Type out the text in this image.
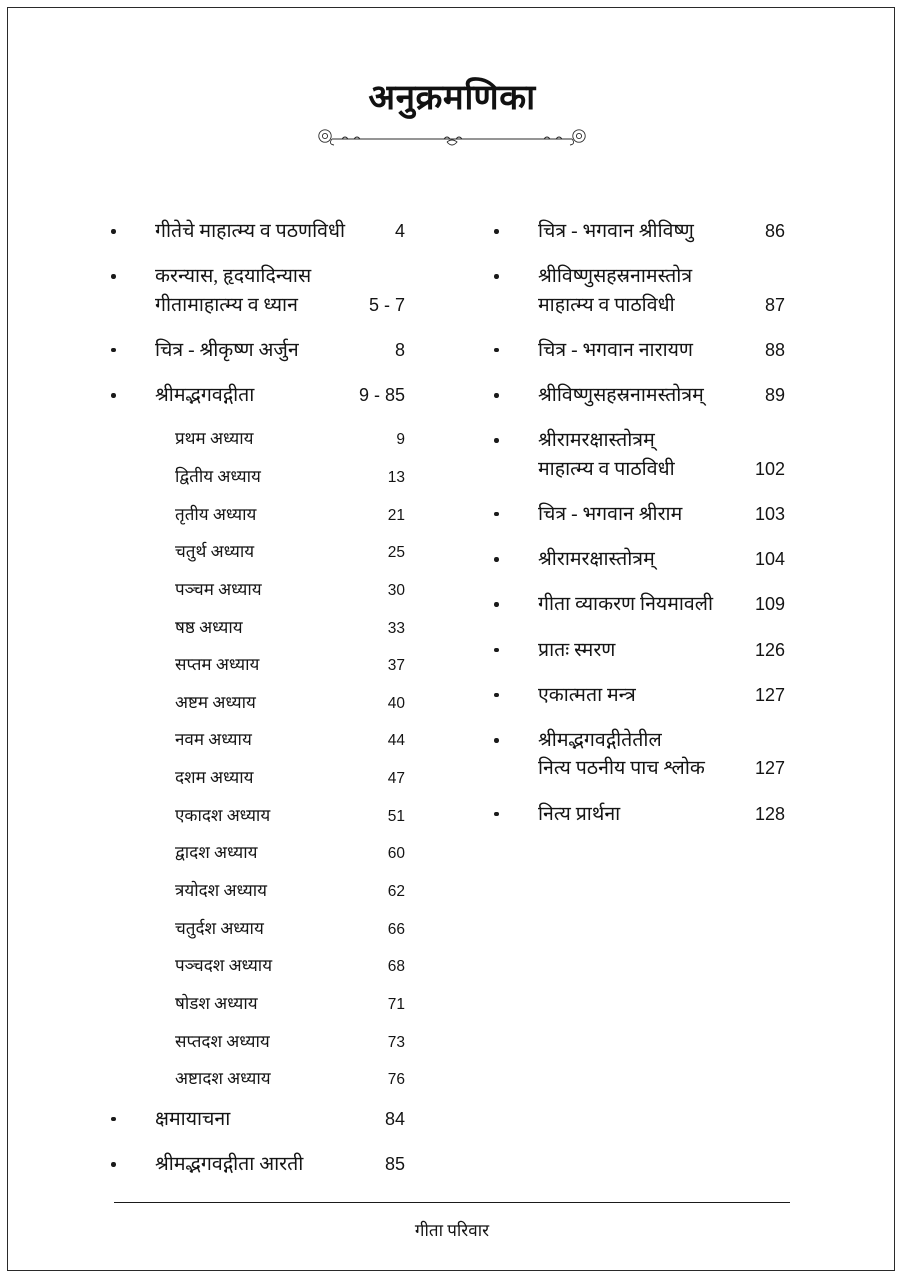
अनुक्रमणिका
गीतेचे माहात्म्य व पठणविधी	4
करन्यास, हृदयादिन्यास
गीतामाहात्म्य व ध्यान	5 - 7
चित्र - श्रीकृष्ण अर्जुन	8
श्रीमद्भगवद्गीता	9 - 85
प्रथम अध्याय	9
द्वितीय अध्याय	13
तृतीय अध्याय	21
चतुर्थ अध्याय	25
पञ्चम अध्याय	30
षष्ठ अध्याय	33
सप्तम अध्याय	37
अष्टम अध्याय	40
नवम अध्याय	44
दशम अध्याय	47
एकादश अध्याय	51
द्वादश अध्याय	60
त्रयोदश अध्याय	62
चतुर्दश अध्याय	66
पञ्चदश अध्याय	68
षोडश अध्याय	71
सप्तदश अध्याय	73
अष्टादश अध्याय	76
क्षमायाचना	84
श्रीमद्भगवद्गीता आरती	85
चित्र - भगवान श्रीविष्णु	86
श्रीविष्णुसहस्रनामस्तोत्र
माहात्म्य व पाठविधी	87
चित्र - भगवान नारायण	88
श्रीविष्णुसहस्रनामस्तोत्रम्	89
श्रीरामरक्षास्तोत्रम्
माहात्म्य व पाठविधी	102
चित्र - भगवान श्रीराम	103
श्रीरामरक्षास्तोत्रम्	104
गीता व्याकरण नियमावली 109
प्रातः स्मरण	126
एकात्मता मन्त्र	127
श्रीमद्भगवद्गीतेतील
नित्य पठनीय पाच श्लोक	127
नित्य प्रार्थना	128
गीता परिवार
